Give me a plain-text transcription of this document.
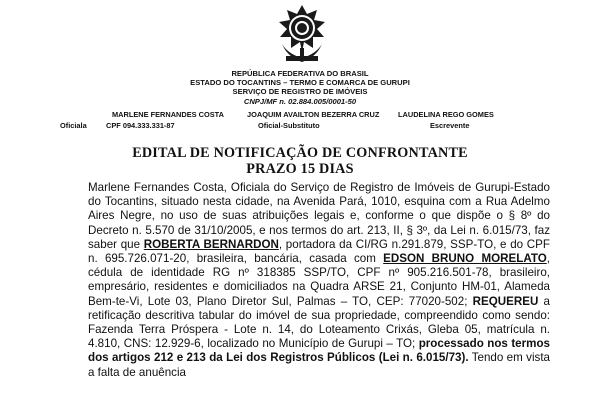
REPÚBLICA FEDERATIVA DO BRASIL
ESTADO DO TOCANTINS – TERMO E COMARCA DE GURUPI
SERVIÇO DE REGISTRO DE IMÓVEIS
CNPJ/MF n. 02.884.005/0001-50
MARLENE FERNANDES COSTA	JOAQUIM AVAILTON BEZERRA CRUZ	LAUDELINA REGO GOMES
Oficiala	CPF 094.333.331-87	Oficial-Substituto	Escrevente
EDITAL DE NOTIFICAÇÃO DE CONFRONTANTE
PRAZO 15 DIAS

Marlene Fernandes Costa, Oficiala do Serviço de Registro de Imóveis de Gurupi-Estado do Tocantins, situado nesta cidade, na Avenida Pará, 1010, esquina com a Rua Adelmo Aires Negre, no uso de suas atribuições legais e, conforme o que dispõe o § 8º do Decreto n. 5.570 de 31/10/2005, e nos termos do art. 213, II, § 3º, da Lei n. 6.015/73, faz saber que ROBERTA BERNARDON, portadora da CI/RG n.291.879, SSP-TO, e do CPF n. 695.726.071-20, brasileira, bancária, casada com EDSON BRUNO MORELATO, cédula de identidade RG nº 318385 SSP/TO, CPF nº 905.216.501-78, brasileiro, empresário, residentes e domiciliados na Quadra ARSE 21, Conjunto HM-01, Alameda Bem-te-Vi, Lote 03, Plano Diretor Sul, Palmas – TO, CEP: 77020-502; REQUEREU a retificação descritiva tabular do imóvel de sua propriedade, compreendido como sendo: Fazenda Terra Próspera - Lote n. 14, do Loteamento Crixás, Gleba 05, matrícula n. 4.810, CNS: 12.929-6, localizado no Município de Gurupi – TO; processado nos termos dos artigos 212 e 213 da Lei dos Registros Públicos (Lei n. 6.015/73). Tendo em vista a falta de anuência
